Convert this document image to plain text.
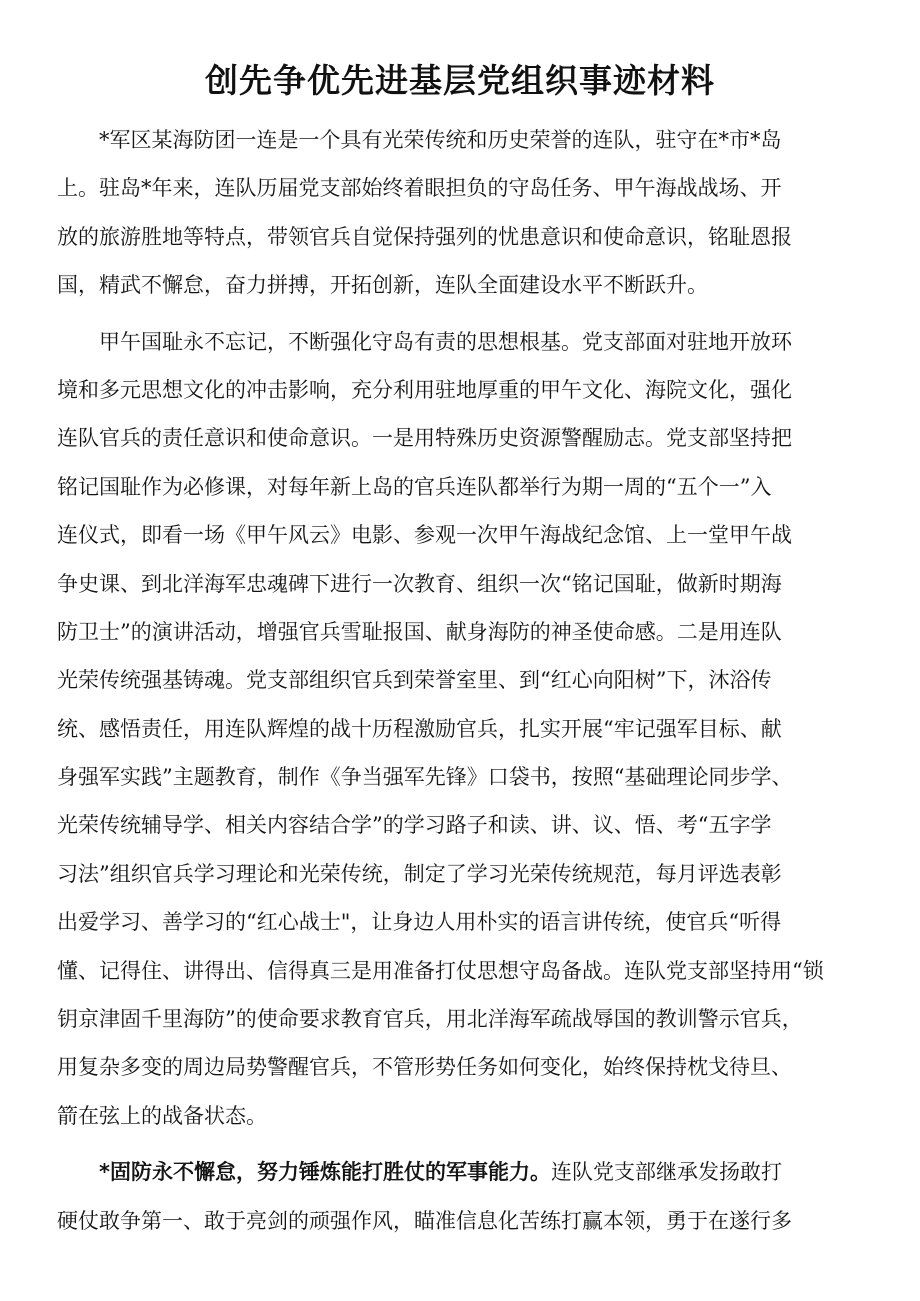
创先争优先进基层党组织事迹材料
*军区某海防团一连是一个具有光荣传统和历史荣誉的连队，驻守在*市*岛
上。驻岛*年来，连队历届党支部始终着眼担负的守岛任务、甲午海战战场、开
放的旅游胜地等特点，带领官兵自觉保持强列的忧患意识和使命意识，铭耻恩报
国，精武不懈怠，奋力拼搏，开拓创新，连队全面建设水平不断跃升。
甲午国耻永不忘记，不断强化守岛有责的思想根基。党支部面对驻地开放环
境和多元思想文化的冲击影响，充分利用驻地厚重的甲午文化、海院文化，强化
连队官兵的责任意识和使命意识。一是用特殊历史资源警醒励志。党支部坚持把
铭记国耻作为必修课，对每年新上岛的官兵连队都举行为期一周的“五个一”入
连仪式，即看一场《甲午风云》电影、参观一次甲午海战纪念馆、上一堂甲午战
争史课、到北洋海军忠魂碑下进行一次教育、组织一次“铭记国耻，做新时期海
防卫士”的演讲活动，增强官兵雪耻报国、献身海防的神圣使命感。二是用连队
光荣传统强基铸魂。党支部组织官兵到荣誉室里、到“红心向阳树”下，沐浴传
统、感悟责任，用连队辉煌的战十历程激励官兵，扎实开展“牢记强军目标、献
身强军实践”主题教育，制作《争当强军先锋》口袋书，按照“基础理论同步学、
光荣传统辅导学、相关内容结合学”的学习路子和读、讲、议、悟、考“五字学
习法”组织官兵学习理论和光荣传统，制定了学习光荣传统规范，每月评选表彰
出爱学习、善学习的“红心战士"，让身边人用朴实的语言讲传统，使官兵“听得
懂、记得住、讲得出、信得真三是用准备打仗思想守岛备战。连队党支部坚持用“锁
钥京津固千里海防”的使命要求教育官兵，用北洋海军疏战辱国的教训警示官兵，
用复杂多变的周边局势警醒官兵，不管形势任务如何变化，始终保持枕戈待旦、
箭在弦上的战备状态。
*固防永不懈怠，努力锤炼能打胜仗的军事能力。连队党支部继承发扬敢打
硬仗敢争第一、敢于亮剑的顽强作风，瞄准信息化苦练打赢本领，勇于在遂行多
